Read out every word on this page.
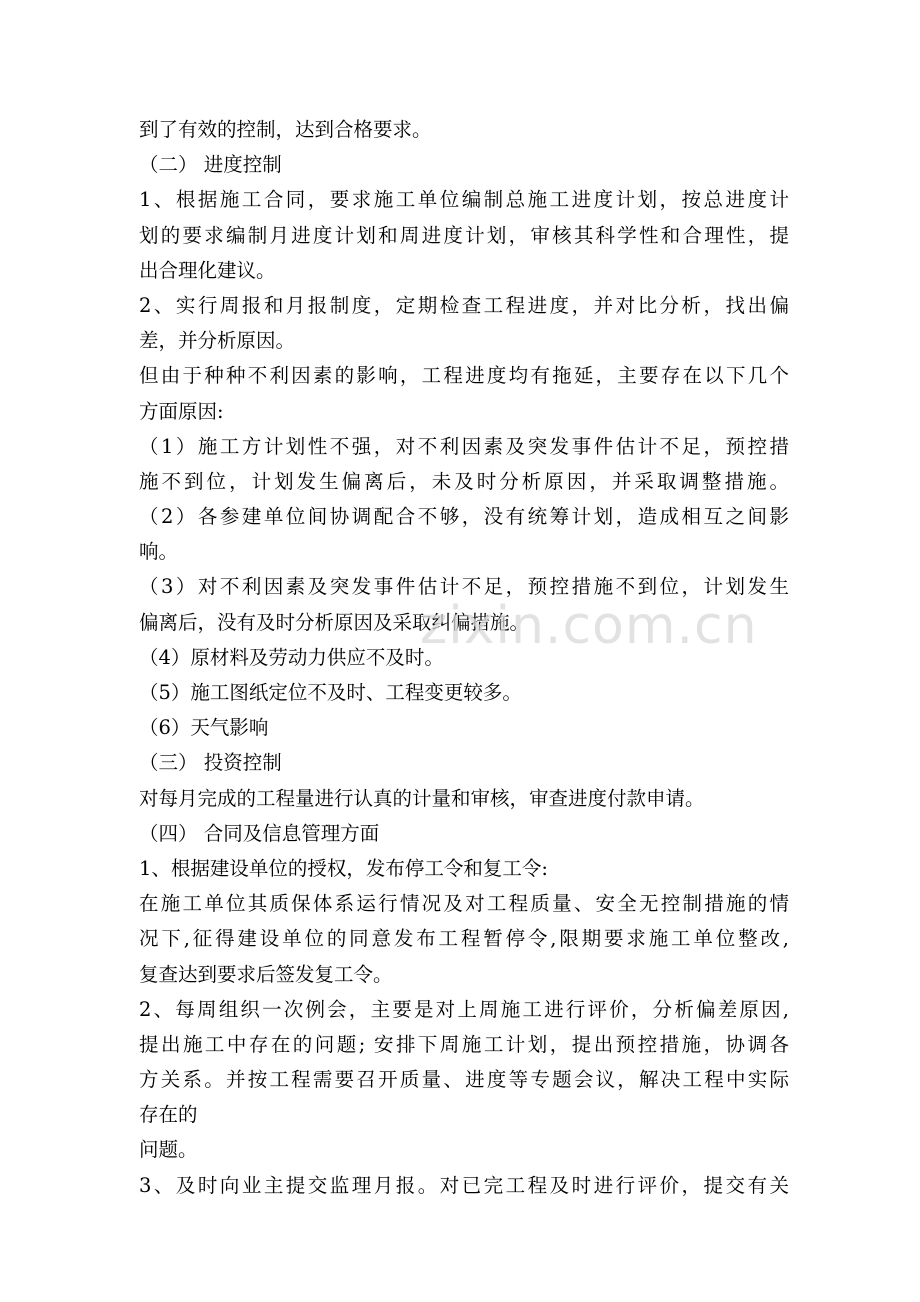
到了有效的控制，达到合格要求。
（二） 进度控制
1、根据施工合同，要求施工单位编制总施工进度计划，按总进度计
划的要求编制月进度计划和周进度计划，审核其科学性和合理性，提
出合理化建议。
2、实行周报和月报制度，定期检查工程进度，并对比分析，找出偏
差，并分析原因。
但由于种种不利因素的影响，工程进度均有拖延，主要存在以下几个
方面原因:
（1）施工方计划性不强，对不利因素及突发事件估计不足，预控措
施不到位，计划发生偏离后，未及时分析原因，并采取调整措施。
（2）各参建单位间协调配合不够，没有统筹计划，造成相互之间影
响。
（3）对不利因素及突发事件估计不足，预控措施不到位，计划发生
偏离后，没有及时分析原因及采取纠偏措施。
（4）原材料及劳动力供应不及时。
（5）施工图纸定位不及时、工程变更较多。
（6）天气影响
（三） 投资控制
对每月完成的工程量进行认真的计量和审核，审查进度付款申请。
（四） 合同及信息管理方面
1、根据建设单位的授权，发布停工令和复工令:
在施工单位其质保体系运行情况及对工程质量、安全无控制措施的情
况下,征得建设单位的同意发布工程暂停令,限期要求施工单位整改,
复查达到要求后签发复工令。
2、每周组织一次例会，主要是对上周施工进行评价，分析偏差原因,
提出施工中存在的问题; 安排下周施工计划，提出预控措施，协调各
方关系。并按工程需要召开质量、进度等专题会议，解决工程中实际
存在的
问题。
3、及时向业主提交监理月报。对已完工程及时进行评价，提交有关
zixin.com.cn
